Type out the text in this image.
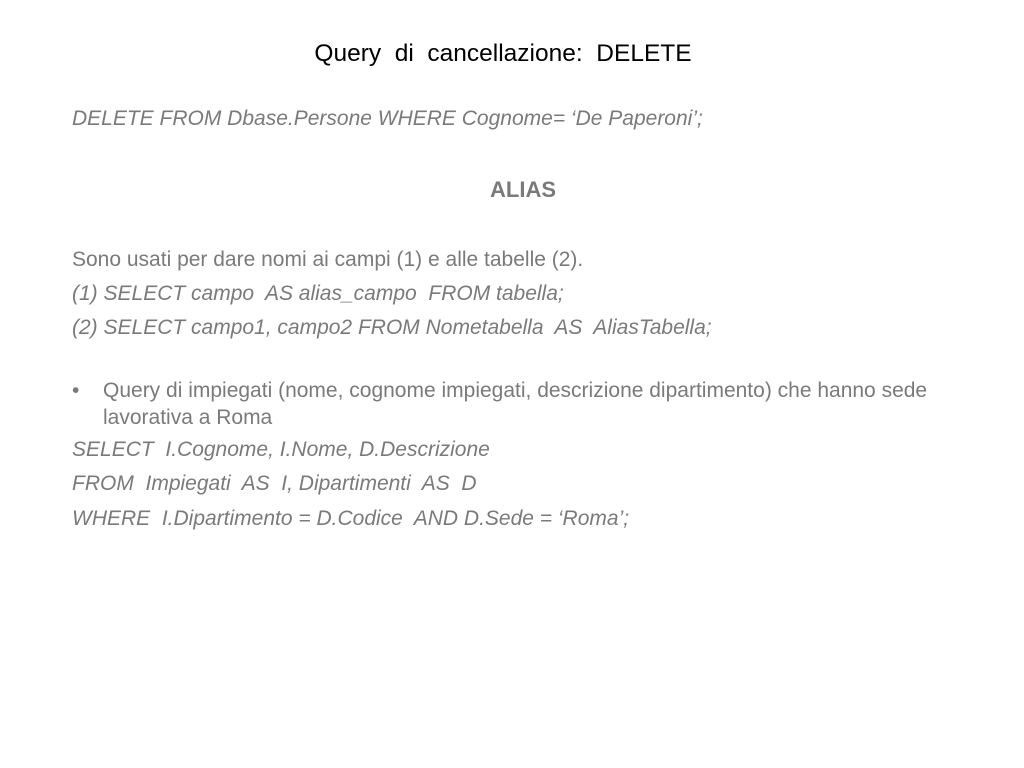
Query  di  cancellazione:  DELETE
DELETE FROM Dbase.Persone WHERE Cognome= ‘De Paperoni’;
ALIAS
Sono usati per dare nomi ai campi (1) e alle tabelle (2).
(1) SELECT campo  AS alias_campo  FROM tabella;
(2) SELECT campo1, campo2 FROM Nometabella  AS  AliasTabella;
•	Query di impiegati (nome, cognome impiegati, descrizione dipartimento) che hanno sede lavorativa a Roma
SELECT  I.Cognome, I.Nome, D.Descrizione
FROM  Impiegati  AS  I, Dipartimenti  AS  D
WHERE  I.Dipartimento = D.Codice  AND D.Sede = ‘Roma’;
